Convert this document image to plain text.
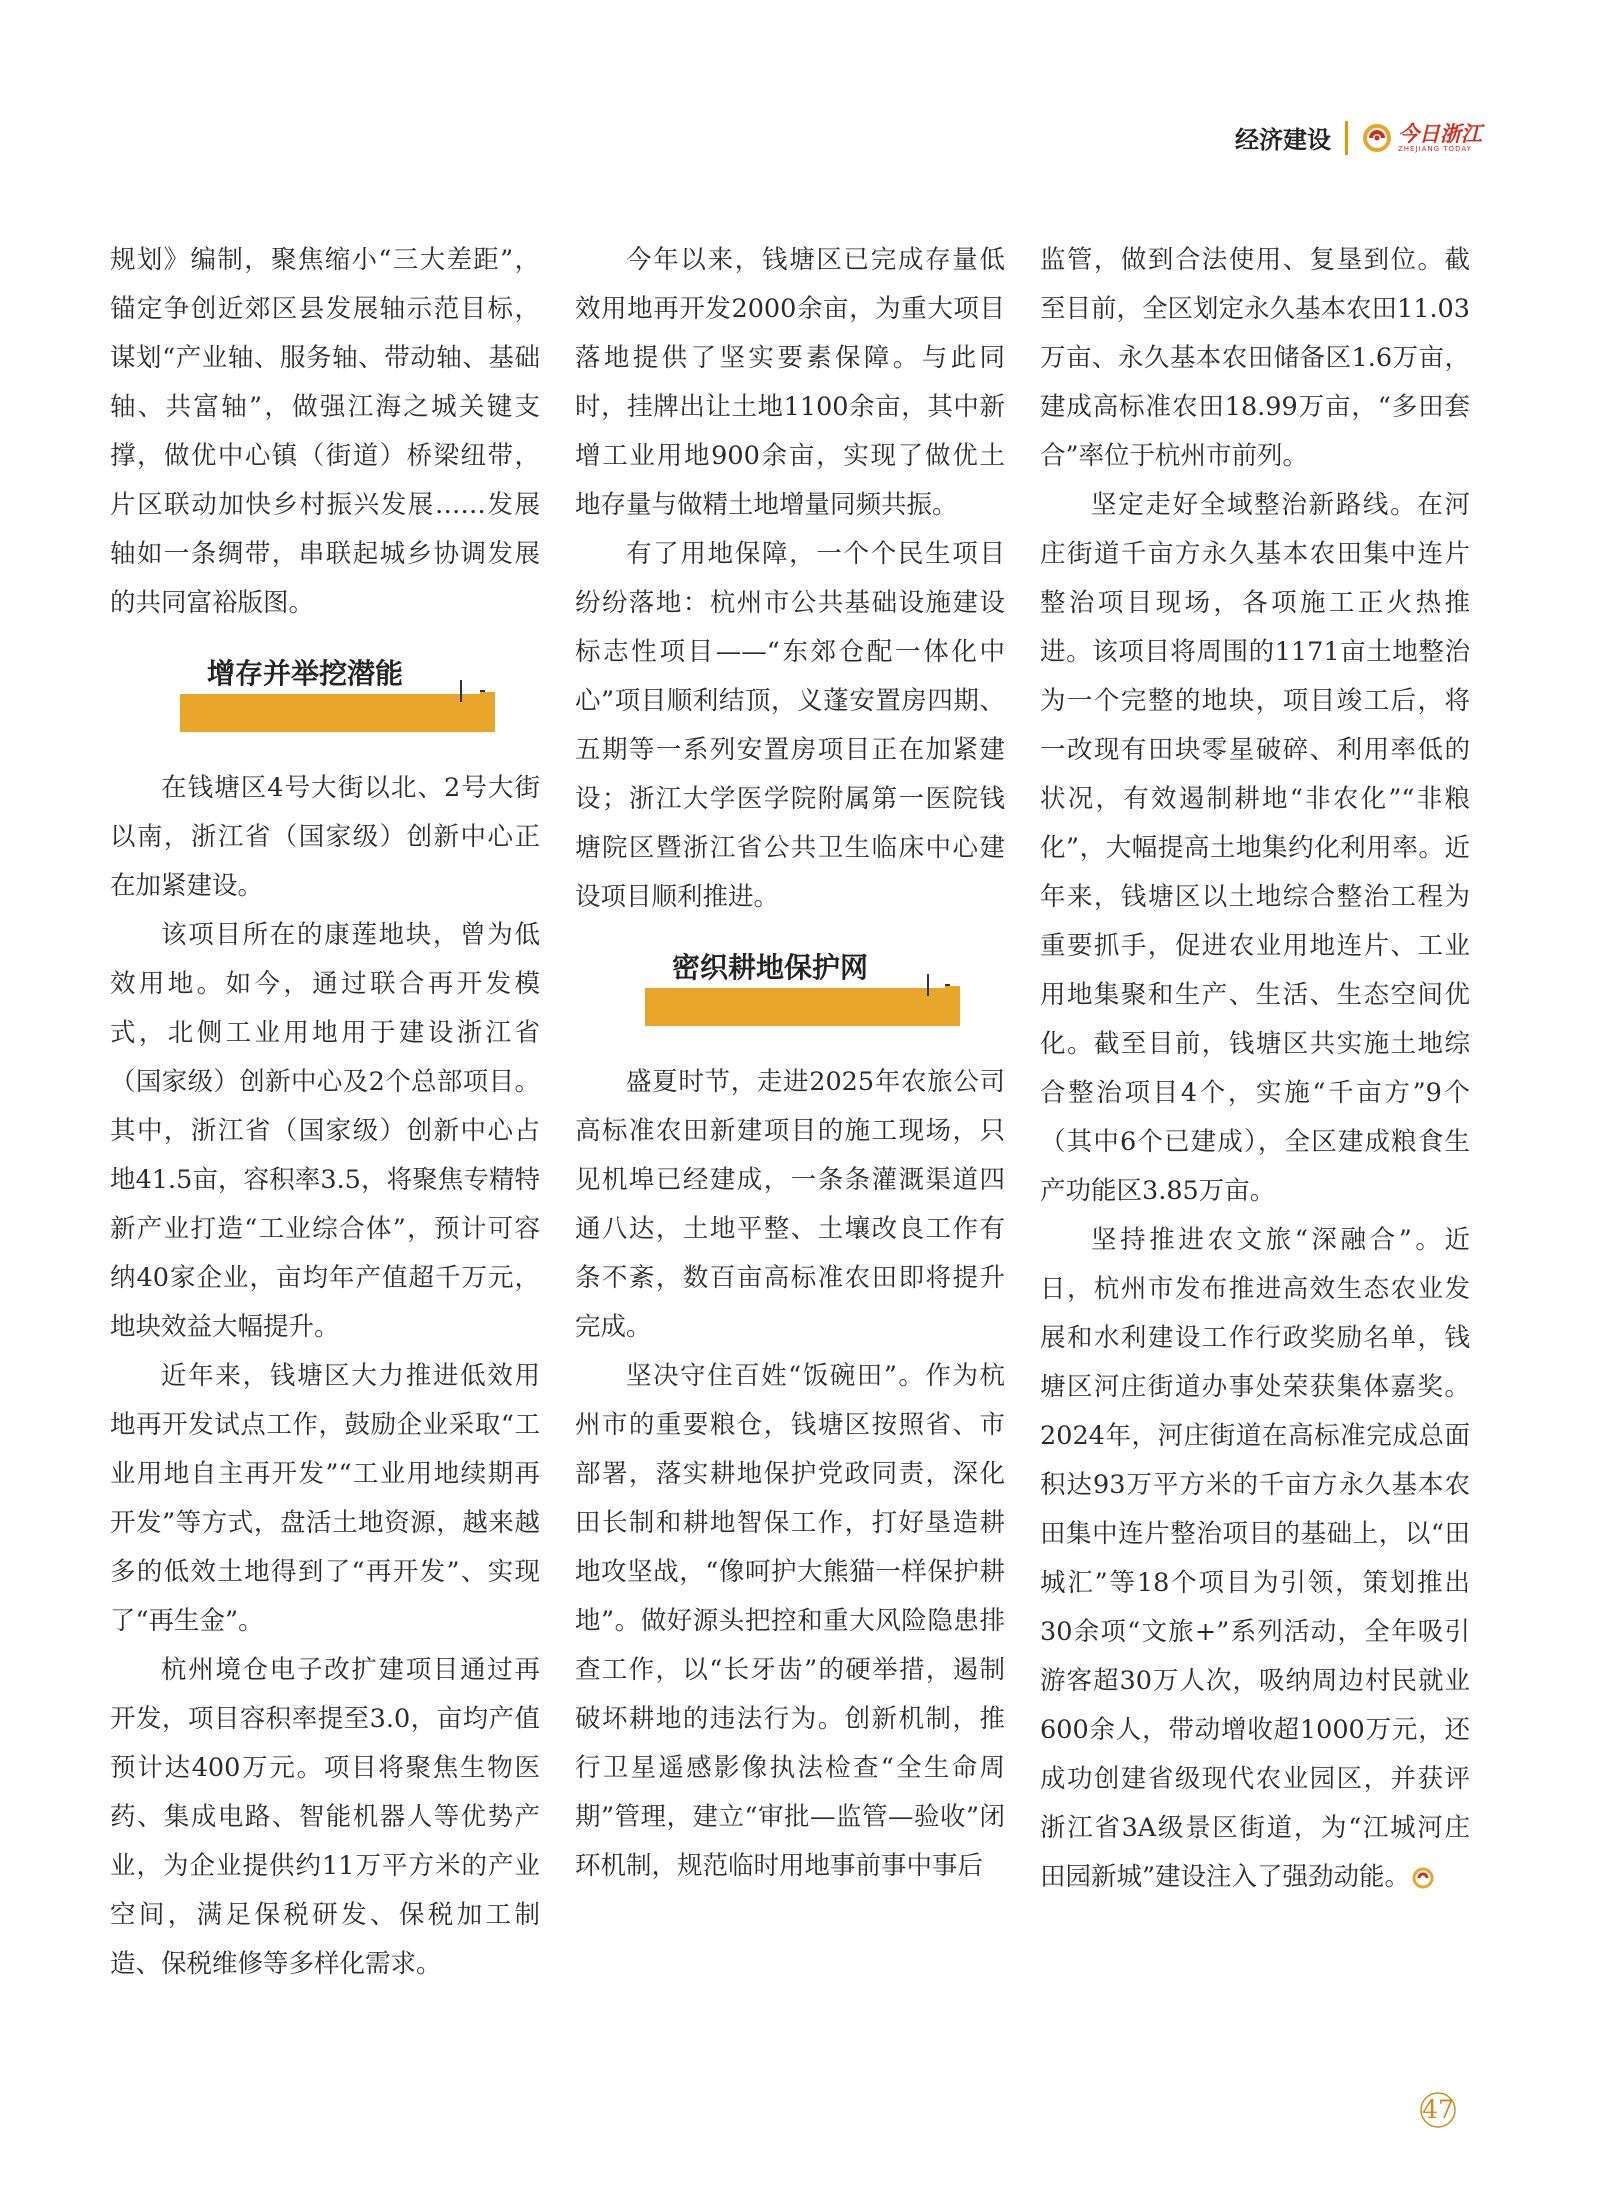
经济建设	今日浙江
ZHEJIANG TODAY

规划》编制，聚焦缩小“三大差距”，锚定争创近郊区县发展轴示范目标，谋划“产业轴、服务轴、带动轴、基础轴、共富轴”，做强江海之城关键支撑，做优中心镇（街道）桥梁纽带，片区联动加快乡村振兴发展……发展轴如一条绸带，串联起城乡协调发展的共同富裕版图。

增存并举挖潜能

在钱塘区4号大街以北、2号大街以南，浙江省（国家级）创新中心正在加紧建设。

该项目所在的康莲地块，曾为低效用地。如今，通过联合再开发模式，北侧工业用地用于建设浙江省（国家级）创新中心及2个总部项目。其中，浙江省（国家级）创新中心占地41.5亩，容积率3.5，将聚焦专精特新产业打造“工业综合体”，预计可容纳40家企业，亩均年产值超千万元，地块效益大幅提升。

近年来，钱塘区大力推进低效用地再开发试点工作，鼓励企业采取“工业用地自主再开发”“工业用地续期再开发”等方式，盘活土地资源，越来越多的低效土地得到了“再开发”、实现了“再生金”。

杭州境仓电子改扩建项目通过再开发，项目容积率提至3.0，亩均产值预计达400万元。项目将聚焦生物医药、集成电路、智能机器人等优势产业，为企业提供约11万平方米的产业空间，满足保税研发、保税加工制造、保税维修等多样化需求。

今年以来，钱塘区已完成存量低效用地再开发2000余亩，为重大项目落地提供了坚实要素保障。与此同时，挂牌出让土地1100余亩，其中新增工业用地900余亩，实现了做优土地存量与做精土地增量同频共振。

有了用地保障，一个个民生项目纷纷落地：杭州市公共基础设施建设标志性项目——“东郊仓配一体化中心”项目顺利结顶，义蓬安置房四期、五期等一系列安置房项目正在加紧建设；浙江大学医学院附属第一医院钱塘院区暨浙江省公共卫生临床中心建设项目顺利推进。

密织耕地保护网

盛夏时节，走进2025年农旅公司高标准农田新建项目的施工现场，只见机埠已经建成，一条条灌溉渠道四通八达，土地平整、土壤改良工作有条不紊，数百亩高标准农田即将提升完成。

坚决守住百姓“饭碗田”。作为杭州市的重要粮仓，钱塘区按照省、市部署，落实耕地保护党政同责，深化田长制和耕地智保工作，打好垦造耕地攻坚战，“像呵护大熊猫一样保护耕地”。做好源头把控和重大风险隐患排查工作，以“长牙齿”的硬举措，遏制破坏耕地的违法行为。创新机制，推行卫星遥感影像执法检查“全生命周期”管理，建立“审批—监管—验收”闭环机制，规范临时用地事前事中事后

监管，做到合法使用、复垦到位。截至目前，全区划定永久基本农田11.03万亩、永久基本农田储备区1.6万亩，建成高标准农田18.99万亩，“多田套合”率位于杭州市前列。

坚定走好全域整治新路线。在河庄街道千亩方永久基本农田集中连片整治项目现场，各项施工正火热推进。该项目将周围的1171亩土地整治为一个完整的地块，项目竣工后，将一改现有田块零星破碎、利用率低的状况，有效遏制耕地“非农化”“非粮化”，大幅提高土地集约化利用率。近年来，钱塘区以土地综合整治工程为重要抓手，促进农业用地连片、工业用地集聚和生产、生活、生态空间优化。截至目前，钱塘区共实施土地综合整治项目4个，实施“千亩方”9个（其中6个已建成），全区建成粮食生产功能区3.85万亩。

坚持推进农文旅“深融合”。近日，杭州市发布推进高效生态农业发展和水利建设工作行政奖励名单，钱塘区河庄街道办事处荣获集体嘉奖。2024年，河庄街道在高标准完成总面积达93万平方米的千亩方永久基本农田集中连片整治项目的基础上，以“田城汇”等18个项目为引领，策划推出30余项“文旅+”系列活动，全年吸引游客超30万人次，吸纳周边村民就业600余人，带动增收超1000万元，还成功创建省级现代农业园区，并获评浙江省3A级景区街道，为“江城河庄 田园新城”建设注入了强劲动能。

47
